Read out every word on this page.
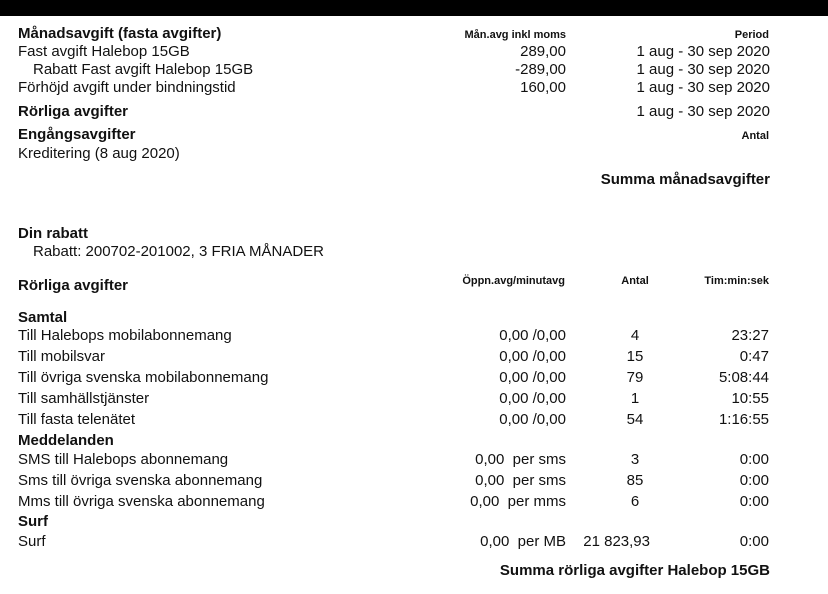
Månadsavgift (fasta avgifter)	Mån.avg inkl moms	Period
Fast avgift Halebop 15GB	289,00	1 aug - 30 sep 2020
Rabatt Fast avgift Halebop 15GB	-289,00	1 aug - 30 sep 2020
Förhöjd avgift under bindningstid	160,00	1 aug - 30 sep 2020
Rörliga avgifter	1 aug - 30 sep 2020
Engångsavgifter	Antal
Kreditering (8 aug 2020)
Summa månadsavgifter
Din rabatt
Rabatt: 200702-201002, 3 FRIA MÅNADER
Rörliga avgifter	Öppn.avg/minutavg	Antal	Tim:min:sek
Samtal
Till Halebops mobilabonnemang	0,00 /0,00	4	23:27
Till mobilsvar	0,00 /0,00	15	0:47
Till övriga svenska mobilabonnemang	0,00 /0,00	79	5:08:44
Till samhällstjänster	0,00 /0,00	1	10:55
Till fasta telenätet	0,00 /0,00	54	1:16:55
Meddelanden
SMS till Halebops abonnemang	0,00  per sms	3	0:00
Sms till övriga svenska abonnemang	0,00  per sms	85	0:00
Mms till övriga svenska abonnemang	0,00  per mms	6	0:00
Surf
Surf	0,00  per MB	21 823,93	0:00
Summa rörliga avgifter Halebop 15GB
